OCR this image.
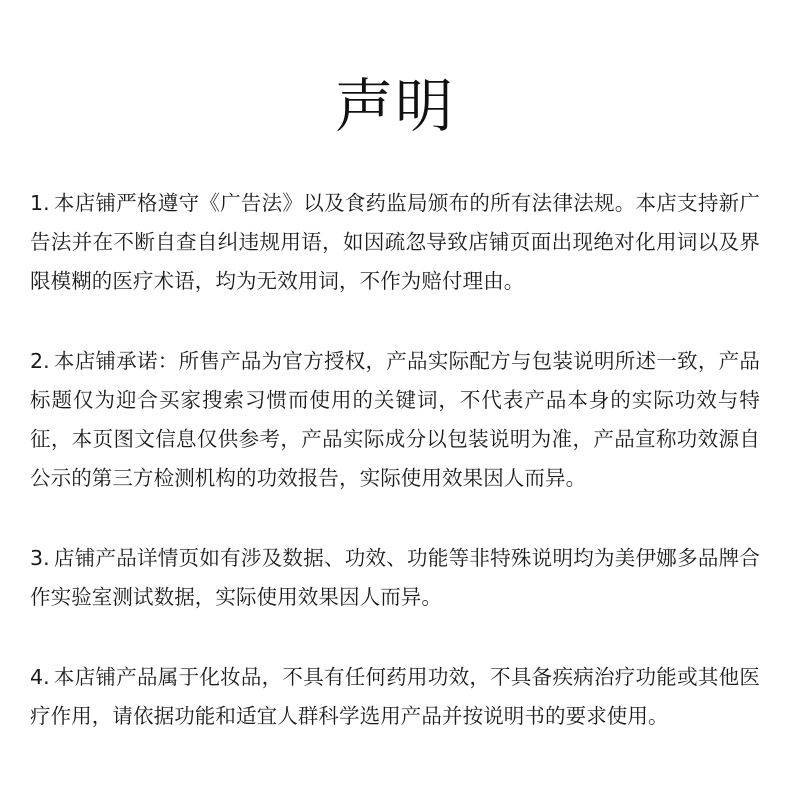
声明

1. 本店铺严格遵守《广告法》以及食药监局颁布的所有法律法规。本店支持新广告法并在不断自查自纠违规用语，如因疏忽导致店铺页面出现绝对化用词以及界限模糊的医疗术语，均为无效用词，不作为赔付理由。

2. 本店铺承诺：所售产品为官方授权，产品实际配方与包装说明所述一致，产品标题仅为迎合买家搜索习惯而使用的关键词，不代表产品本身的实际功效与特征，本页图文信息仅供参考，产品实际成分以包装说明为准，产品宣称功效源自公示的第三方检测机构的功效报告，实际使用效果因人而异。

3. 店铺产品详情页如有涉及数据、功效、功能等非特殊说明均为美伊娜多品牌合作实验室测试数据，实际使用效果因人而异。

4. 本店铺产品属于化妆品，不具有任何药用功效，不具备疾病治疗功能或其他医疗作用，请依据功能和适宜人群科学选用产品并按说明书的要求使用。
